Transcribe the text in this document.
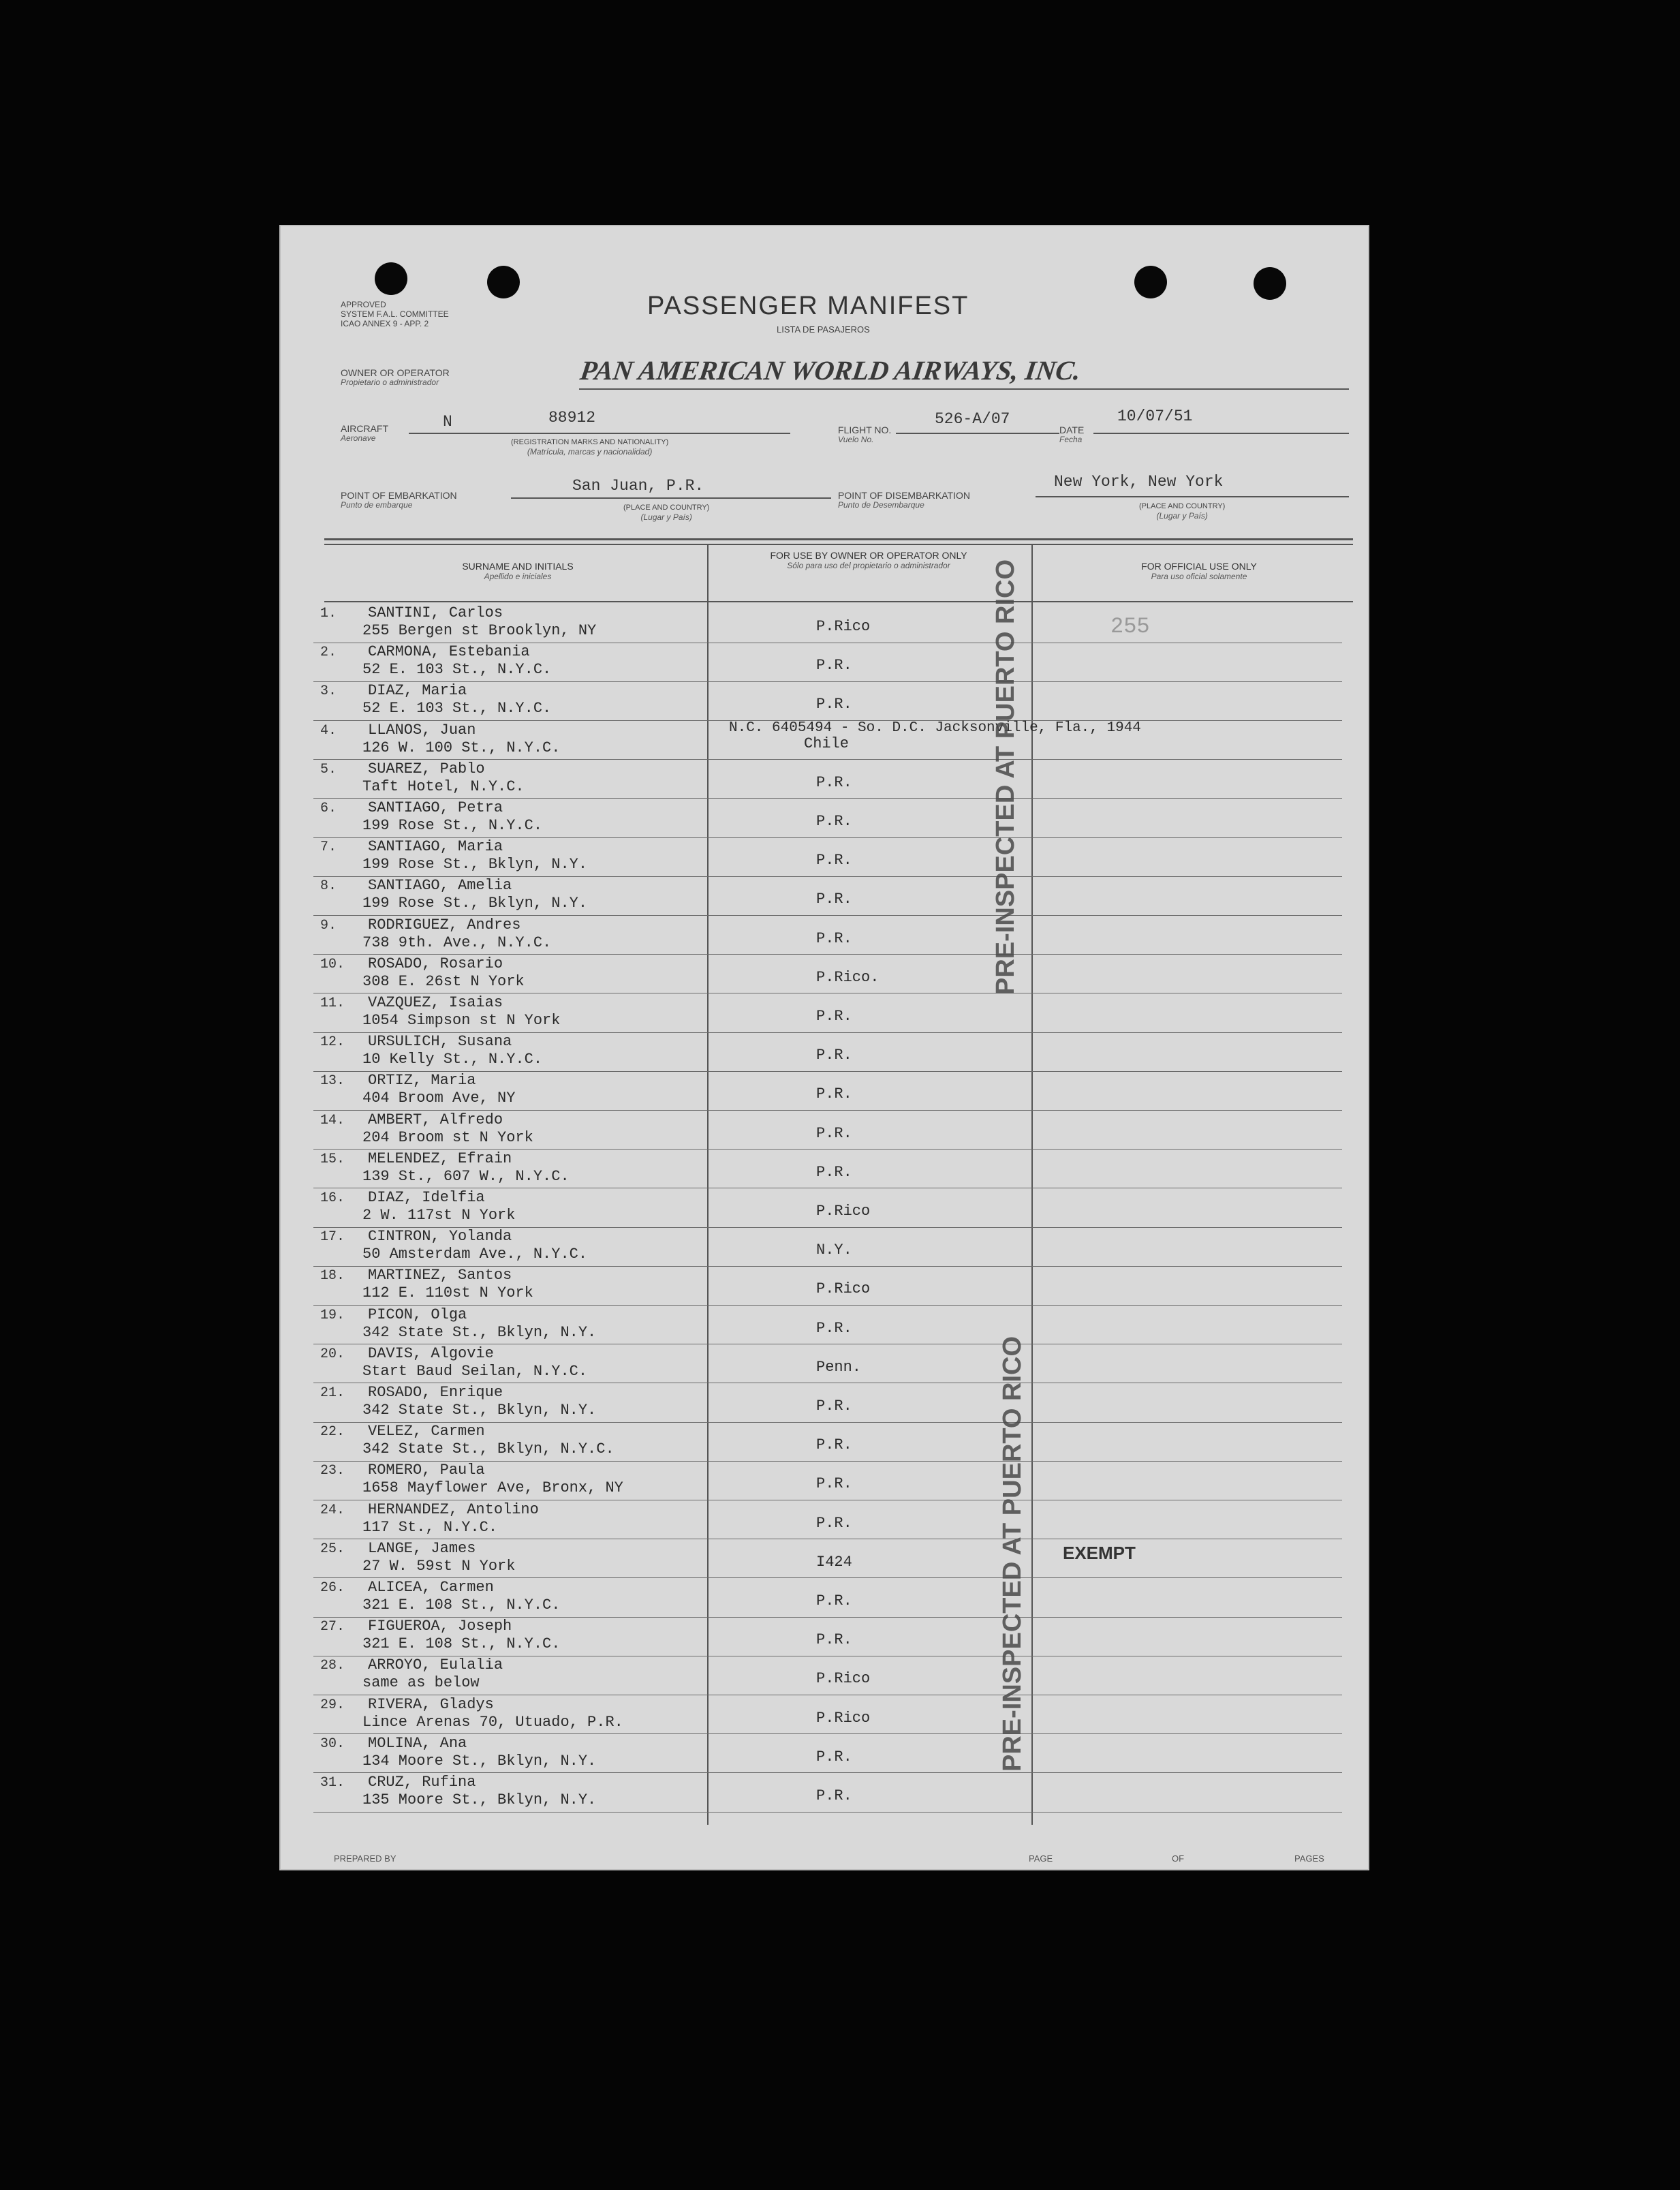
APPROVED
SYSTEM F.A.L. COMMITTEE
ICAO ANNEX 9 - APP. 2
PASSENGER MANIFEST
LISTA DE PASAJEROS
OWNER OR OPERATOR
Propietario o administrador	PAN AMERICAN WORLD AIRWAYS, INC.
AIRCRAFT
Aeronave
N	88912
(REGISTRATION MARKS AND NATIONALITY)
(Matrícula, marcas y nacionalidad)
FLIGHT NO.
Vuelo No.
526-A/07
DATE
Fecha
10/07/51
POINT OF EMBARKATION
Punto de embarque
San Juan, P.R.
(PLACE AND COUNTRY)
(Lugar y País)
POINT OF DISEMBARKATION
Punto de Desembarque
New York, New York
(PLACE AND COUNTRY)
(Lugar y País)
SURNAME AND INITIALS
Apellido e iniciales
FOR USE BY OWNER OR OPERATOR ONLY
Sólo para uso del propietario o administrador	FOR OFFICIAL USE ONLY
Para uso oficial solamente
1. SANTINI, Carlos
255 Bergen st Brooklyn, NY	P.Rico	255
2. CARMONA, Estebania
52 E. 103 St., N.Y.C.	P.R.
3. DIAZ, Maria
52 E. 103 St., N.Y.C.	P.R.
4. LLANOS, Juan
126 W. 100 St., N.Y.C.	Chile
N.C. 6405494 - So. D.C. Jacksonville, Fla., 1944
5. SUAREZ, Pablo
Taft Hotel, N.Y.C.	P.R.
6. SANTIAGO, Petra
199 Rose St., N.Y.C.	P.R.
7. SANTIAGO, Maria
199 Rose St., Bklyn, N.Y.	P.R.
8. SANTIAGO, Amelia
199 Rose St., Bklyn, N.Y.	P.R.
9. RODRIGUEZ, Andres
738 9th. Ave., N.Y.C.	P.R.
10. ROSADO, Rosario
308 E. 26st N York	P.Rico.
11. VAZQUEZ, Isaias
1054 Simpson st N York	P.R.
12. URSULICH, Susana
10 Kelly St., N.Y.C.	P.R.
13. ORTIZ, Maria
404 Broom Ave, NY	P.R.
14. AMBERT, Alfredo
204 Broom st N York	P.R.
15. MELENDEZ, Efrain
139 St., 607 W., N.Y.C.	P.R.
16. DIAZ, Idelfia
2 W. 117st N York	P.Rico
17. CINTRON, Yolanda
50 Amsterdam Ave., N.Y.C.	N.Y.
18. MARTINEZ, Santos
112 E. 110st N York	P.Rico
19. PICON, Olga
342 State St., Bklyn, N.Y.	P.R.
20. DAVIS, Algovie
Start Baud Seilan, N.Y.C.	Penn.
21. ROSADO, Enrique
342 State St., Bklyn, N.Y.	P.R.
22. VELEZ, Carmen
342 State St., Bklyn, N.Y.C.	P.R.
23. ROMERO, Paula
1658 Mayflower Ave, Bronx, NY	P.R.
24. HERNANDEZ, Antolino
117 St., N.Y.C.	P.R.
25. LANGE, James
27 W. 59st N York	I424	EXEMPT
26. ALICEA, Carmen
321 E. 108 St., N.Y.C.	P.R.
27. FIGUEROA, Joseph
321 E. 108 St., N.Y.C.	P.R.
28. ARROYO, Eulalia
same as below	P.Rico
29. RIVERA, Gladys
Lince Arenas 70, Utuado, P.R.	P.Rico
30. MOLINA, Ana
134 Moore St., Bklyn, N.Y.	P.R.
31. CRUZ, Rufina
135 Moore St., Bklyn, N.Y.	P.R.
PRE-INSPECTED AT PUERTO RICO
PRE-INSPECTED AT PUERTO RICO
PREPARED BY	PAGE	OF	PAGES
